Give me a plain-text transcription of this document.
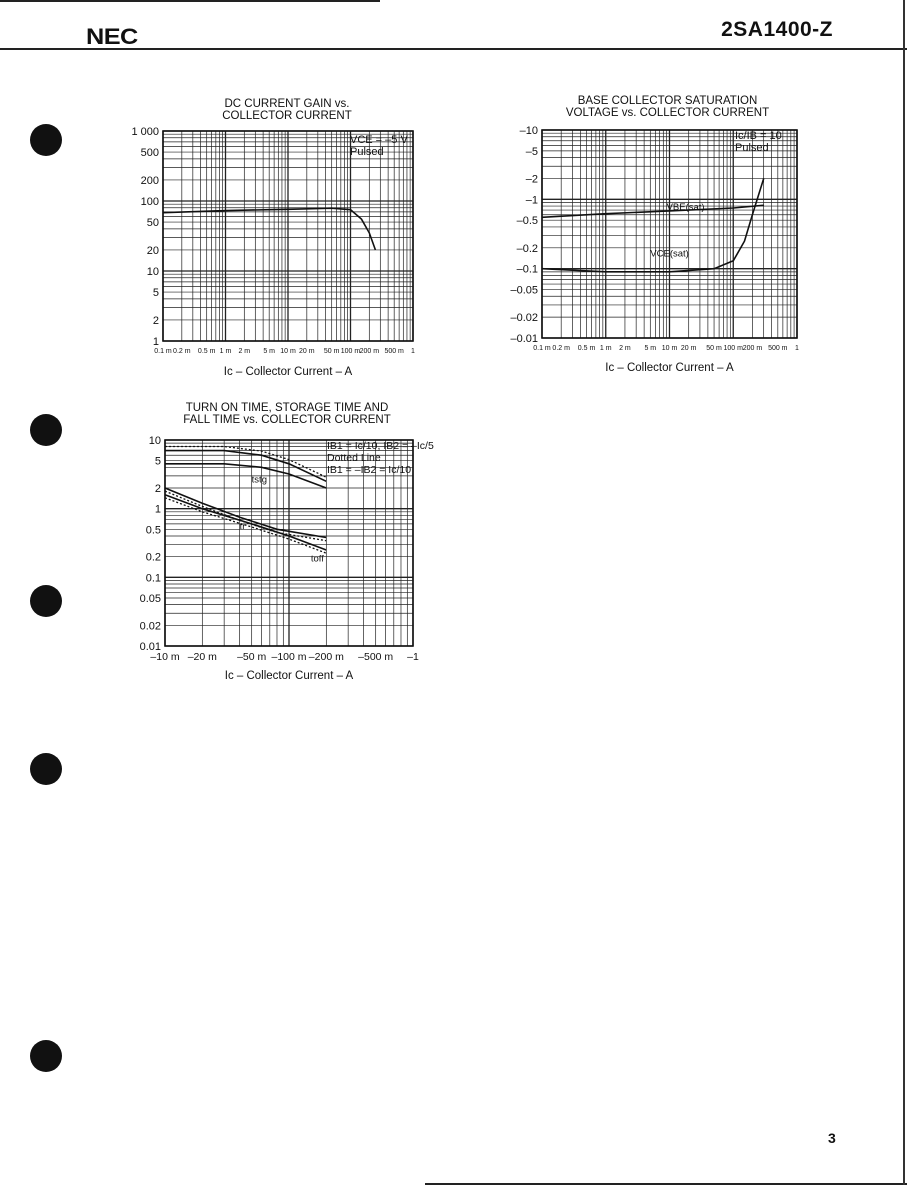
NEC	2SA1400-Z
3
DC CURRENT GAIN vs.
COLLECTOR CURRENT
1 000
500
200
100
50
20
10
5
2
1
0.1 m 0.2 m 0.5 m 1 m 2 m 5 m 10 m 20 m 50 m 100 m 200 m 500 m 1
VCE = –5 V
Pulsed
Ic – Collector Current – A
BASE COLLECTOR SATURATION
VOLTAGE vs. COLLECTOR CURRENT
–10
–5
–2
–1
–0.5
–0.2
–0.1
–0.05
–0.02
–0.01
0.1 m 0.2 m 0.5 m 1 m 2 m 5 m 10 m 20 m 50 m 100 m 200 m 500 m 1
VBE(sat)
VCE(sat)
Ic/IB = 10
Pulsed
Ic – Collector Current – A
TURN ON TIME, STORAGE TIME AND
FALL TIME vs. COLLECTOR CURRENT
10
5
2
1
0.5
0.2
0.1
0.05
0.02
0.01
–10 m –20 m –50 m –100 m –200 m –500 m –1
tstg
tr
toff
IB1 = Ic/10, IB2 = –Ic/5
Dotted Line
IB1 = –IB2 = Ic/10
Ic – Collector Current – A
